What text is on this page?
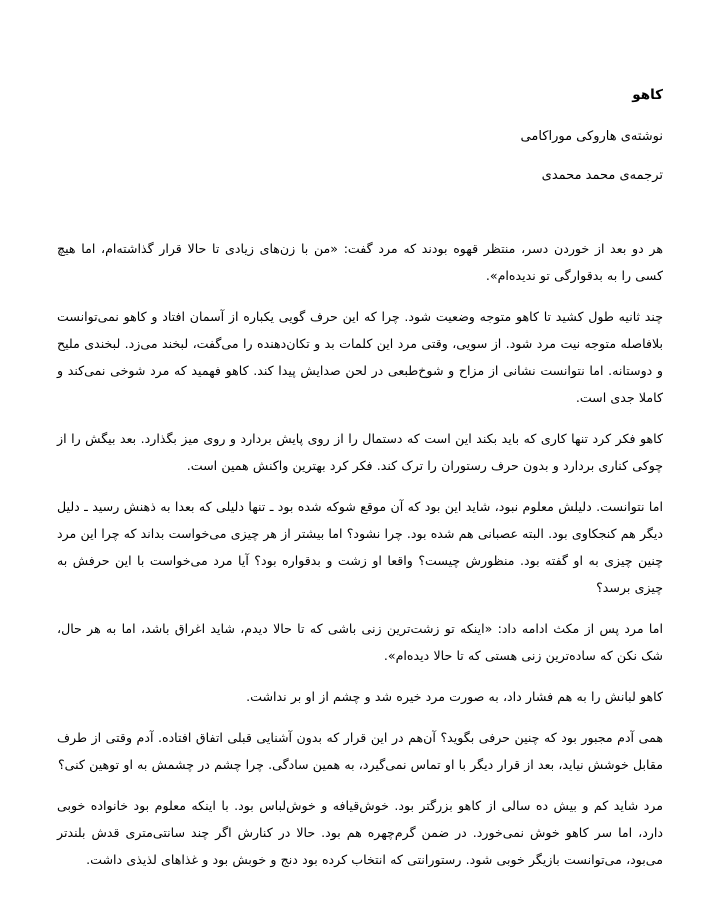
کاهو

نوشته‌ی هاروکی موراکامی

ترجمه‌ی محمد محمدی

هر دو بعد از خوردن دسر، منتظر قهوه بودند که مرد گفت: «من با زن‌های زیادی تا حالا قرار گذاشته‌ام، اما هیچ کسی را به بدقوارگی تو ندیده‌ام».

چند ثانیه طول کشید تا کاهو متوجه وضعیت شود. چرا که این حرف گویی یکباره از آسمان افتاد و کاهو نمی‌توانست بلافاصله متوجه نیت مرد شود. از سویی، وقتی مرد این کلمات بد و تکان‌دهنده را می‌گفت، لبخند می‌زد. لبخندی ملیح و دوستانه. اما نتوانست نشانی از مزاح و شوخ‌طبعی در لحن صدایش پیدا کند. کاهو فهمید که مرد شوخی نمی‌کند و کاملا جدی است.

کاهو فکر کرد تنها کاری که باید بکند این است که دستمال را از روی پایش بردارد و روی میز بگذارد. بعد بیگش را از چوکی کناری بردارد و بدون حرف رستوران را ترک کند. فکر کرد بهترین واکنش همین است.

اما نتوانست. دلیلش معلوم نبود، شاید این بود که آن موقع شوکه شده بود ـ تنها دلیلی که بعدا به ذهنش رسید ـ دلیل دیگر هم کنجکاوی بود. البته عصبانی هم شده بود. چرا نشود؟ اما بیشتر از هر چیزی می‌خواست بداند که چرا این مرد چنین چیزی به او گفته بود. منظورش چیست؟ واقعا او زشت و بدقواره بود؟ آیا مرد می‌خواست با این حرفش به چیزی برسد؟

اما مرد پس از مکث ادامه داد: «اینکه تو زشت‌ترین زنی باشی که تا حالا دیدم، شاید اغراق باشد، اما به هر حال، شک نکن که ساده‌ترین زنی هستی که تا حالا دیده‌ام».

کاهو لبانش را به هم فشار داد، به صورت مرد خیره شد و چشم از او بر نداشت.

همی آدم مجبور بود که چنین حرفی بگوید؟ آن‌هم در این قرار که بدون آشنایی قبلی اتفاق افتاده. آدم وقتی از طرف مقابل خوشش نیاید، بعد از قرار دیگر با او تماس نمی‌گیرد، به همین سادگی. چرا چشم در چشمش به او توهین کنی؟

مرد شاید کم و بیش ده سالی از کاهو بزرگتر بود. خوش‌قیافه و خوش‌لباس بود. با اینکه معلوم بود خانواده خوبی دارد، اما سر کاهو خوش نمی‌خورد. در ضمن گرم‌چهره هم بود. حالا در کنارش اگر چند سانتی‌متری قدش بلندتر می‌بود، می‌توانست بازیگر خوبی شود. رستورانتی که انتخاب کرده بود دنج و خوبش بود و غذاهای لذیذی داشت.
